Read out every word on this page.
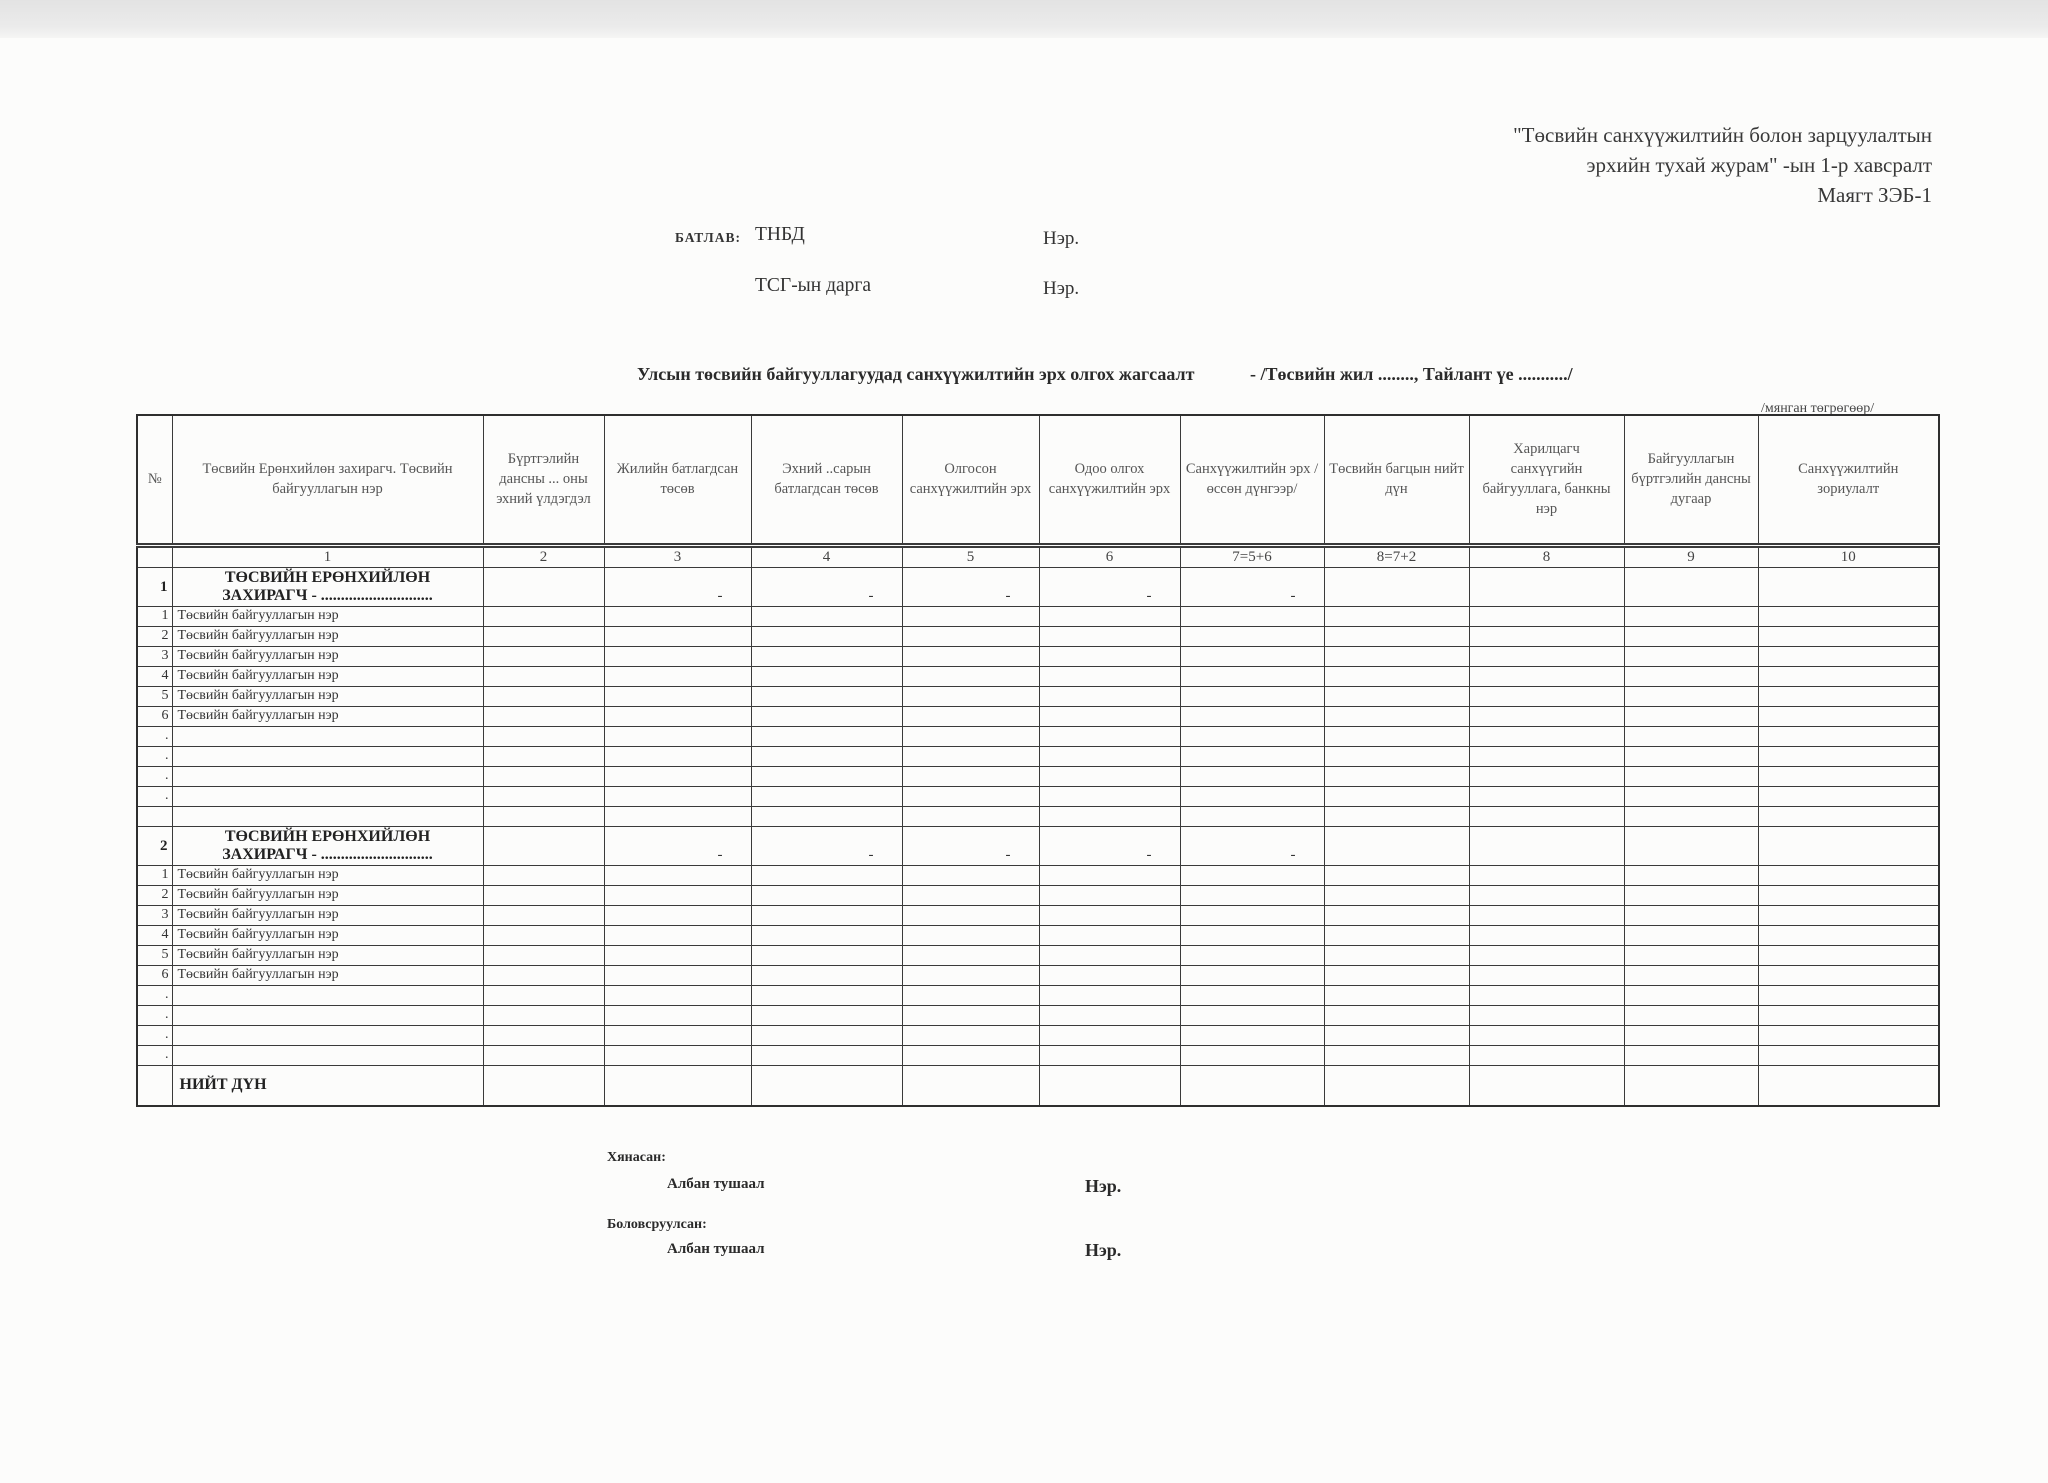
"Төсвийн санхүүжилтийн болон зарцуулалтын
эрхийн тухай журам" -ын 1-р хавсралт
Маягт ЗЭБ-1
БАТЛАВ: ТНБД	Нэр.
ТСГ-ын дарга	Нэр.
Улсын төсвийн байгууллагуудад санхүүжилтийн эрх олгох жагсаалт	- /Төсвийн жил ........, Тайлант үе .........../
/мянган төгрөгөөр/
№	Төсвийн Ерөнхийлөн захирагч. Төсвийн байгууллагын нэр	Бүртгэлийн дансны ... оны эхний үлдэгдэл	Жилийн батлагдсан төсөв	Эхний ..сарын батлагдсан төсөв	Олгосон санхүүжилтийн эрх	Одоо олгох санхүүжилтийн эрх	Санхүүжилтийн эрх /өссөн дүнгээр/	Төсвийн багцын нийт дүн	Харилцагч санхүүгийн байгууллага, банкны нэр	Байгууллагын бүртгэлийн дансны дугаар	Санхүүжилтийн зориулалт
	1	2	3	4	5	6	7=5+6	8=7+2	8	9	10
1	ТӨСВИЙН ЕРӨНХИЙЛӨН
ЗАХИРАГЧ - ............................		-	-	-	-	-				
1	Төсвийн байгууллагын нэр										
2	Төсвийн байгууллагын нэр										
3	Төсвийн байгууллагын нэр										
4	Төсвийн байгууллагын нэр										
5	Төсвийн байгууллагын нэр										
6	Төсвийн байгууллагын нэр										
.											
.											
.											
.											

2	ТӨСВИЙН ЕРӨНХИЙЛӨН
ЗАХИРАГЧ - ............................		-	-	-	-	-				
1	Төсвийн байгууллагын нэр										
2	Төсвийн байгууллагын нэр										
3	Төсвийн байгууллагын нэр										
4	Төсвийн байгууллагын нэр										
5	Төсвийн байгууллагын нэр										
6	Төсвийн байгууллагын нэр										
.											
.											
.											
.											
	НИЙТ ДҮН										
Хянасан:
Албан тушаал	Нэр.
Боловсруулсан:
Албан тушаал	Нэр.
